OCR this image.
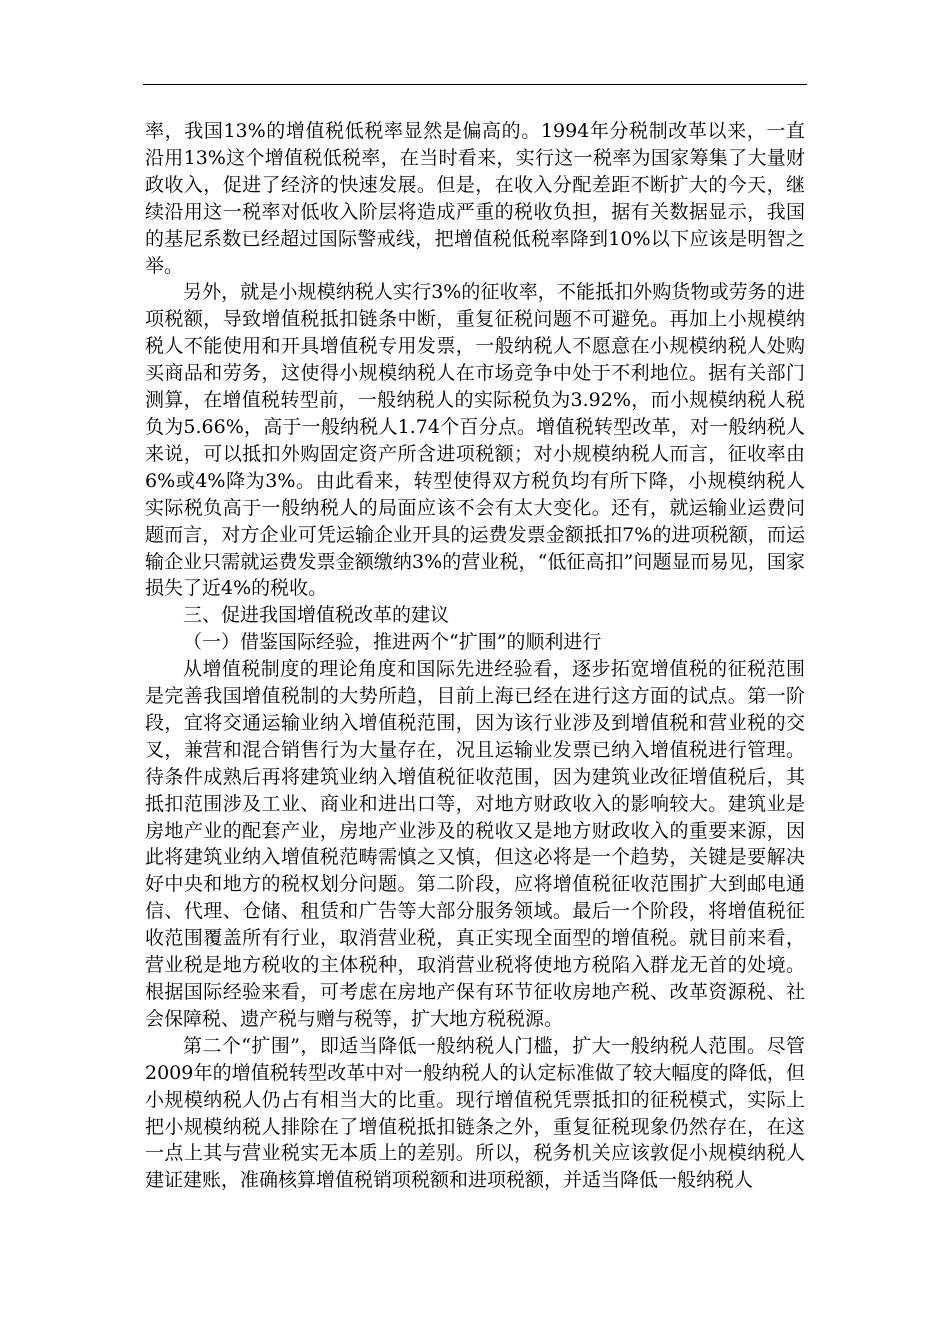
率，我国13%的增值税低税率显然是偏高的。1994年分税制改革以来，一直沿用13%这个增值税低税率，在当时看来，实行这一税率为国家筹集了大量财政收入，促进了经济的快速发展。但是，在收入分配差距不断扩大的今天，继续沿用这一税率对低收入阶层将造成严重的税收负担，据有关数据显示，我国的基尼系数已经超过国际警戒线，把增值税低税率降到10%以下应该是明智之举。

另外，就是小规模纳税人实行3%的征收率，不能抵扣外购货物或劳务的进项税额，导致增值税抵扣链条中断，重复征税问题不可避免。再加上小规模纳税人不能使用和开具增值税专用发票，一般纳税人不愿意在小规模纳税人处购买商品和劳务，这使得小规模纳税人在市场竞争中处于不利地位。据有关部门测算，在增值税转型前，一般纳税人的实际税负为3.92%，而小规模纳税人税负为5.66%，高于一般纳税人1.74个百分点。增值税转型改革，对一般纳税人来说，可以抵扣外购固定资产所含进项税额；对小规模纳税人而言，征收率由6%或4%降为3%。由此看来，转型使得双方税负均有所下降，小规模纳税人实际税负高于一般纳税人的局面应该不会有太大变化。还有，就运输业运费问题而言，对方企业可凭运输企业开具的运费发票金额抵扣7%的进项税额，而运输企业只需就运费发票金额缴纳3%的营业税，“低征高扣”问题显而易见，国家损失了近4%的税收。

三、促进我国增值税改革的建议

（一）借鉴国际经验，推进两个“扩围”的顺利进行

从增值税制度的理论角度和国际先进经验看，逐步拓宽增值税的征税范围是完善我国增值税制的大势所趋，目前上海已经在进行这方面的试点。第一阶段，宜将交通运输业纳入增值税范围，因为该行业涉及到增值税和营业税的交叉，兼营和混合销售行为大量存在，况且运输业发票已纳入增值税进行管理。待条件成熟后再将建筑业纳入增值税征收范围，因为建筑业改征增值税后，其抵扣范围涉及工业、商业和进出口等，对地方财政收入的影响较大。建筑业是房地产业的配套产业，房地产业涉及的税收又是地方财政收入的重要来源，因此将建筑业纳入增值税范畴需慎之又慎，但这必将是一个趋势，关键是要解决好中央和地方的税权划分问题。第二阶段，应将增值税征收范围扩大到邮电通信、代理、仓储、租赁和广告等大部分服务领域。最后一个阶段，将增值税征收范围覆盖所有行业，取消营业税，真正实现全面型的增值税。就目前来看，营业税是地方税收的主体税种，取消营业税将使地方税陷入群龙无首的处境。根据国际经验来看，可考虑在房地产保有环节征收房地产税、改革资源税、社会保障税、遗产税与赠与税等，扩大地方税税源。

第二个“扩围”，即适当降低一般纳税人门槛，扩大一般纳税人范围。尽管2009年的增值税转型改革中对一般纳税人的认定标准做了较大幅度的降低，但小规模纳税人仍占有相当大的比重。现行增值税凭票抵扣的征税模式，实际上把小规模纳税人排除在了增值税抵扣链条之外，重复征税现象仍然存在，在这一点上其与营业税实无本质上的差别。所以，税务机关应该敦促小规模纳税人建证建账，准确核算增值税销项税额和进项税额，并适当降低一般纳税人
